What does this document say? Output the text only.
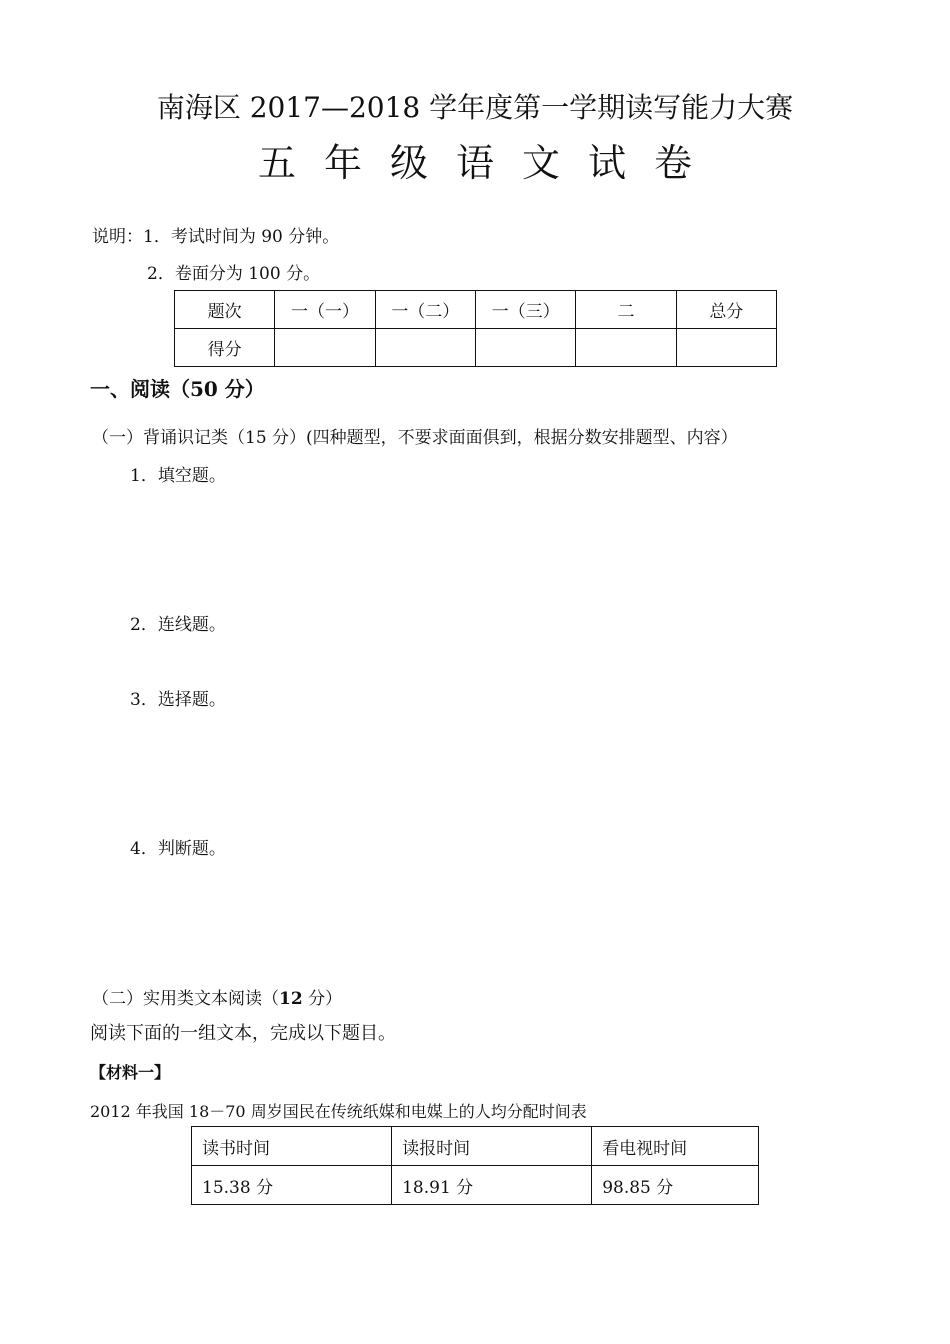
南海区 2017—2018 学年度第一学期读写能力大赛
五年级语文试卷
说明：1．考试时间为 90 分钟。
2．卷面分为 100 分。
题次	一（一）	一（二）	一（三）	二	总分
得分					
一、阅读（50 分）
（一）背诵识记类（15 分）(四种题型，不要求面面俱到，根据分数安排题型、内容）
1．填空题。
2．连线题。
3．选择题。
4．判断题。
（二）实用类文本阅读（12 分）
阅读下面的一组文本，完成以下题目。
【材料一】
2012 年我国 18－70 周岁国民在传统纸媒和电媒上的人均分配时间表
读书时间	读报时间	看电视时间
15.38 分	18.91 分	98.85 分
